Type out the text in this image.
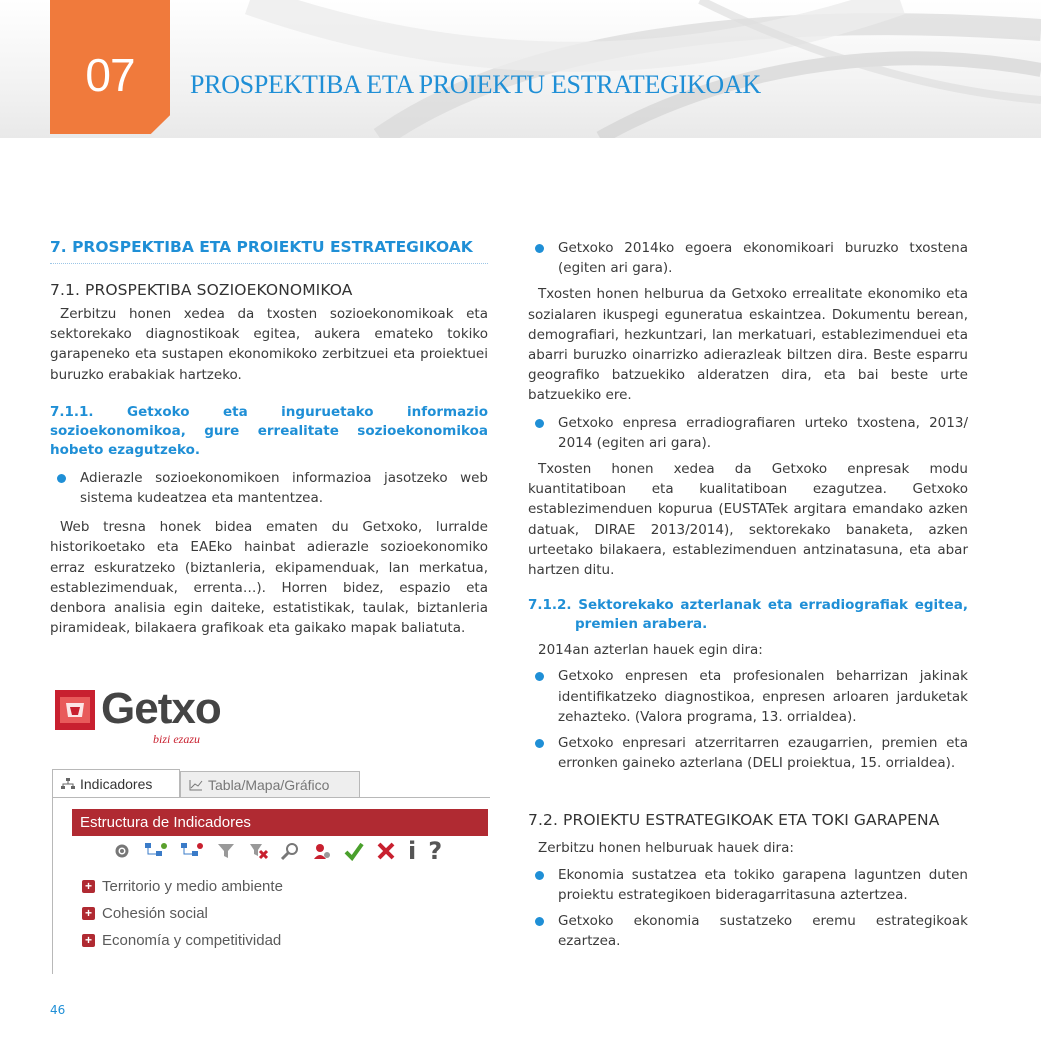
07	PROSPEKTIBA ETA PROIEKTU ESTRATEGIKOAK
7. PROSPEKTIBA ETA PROIEKTU ESTRATEGIKOAK
7.1. PROSPEKTIBA SOZIOEKONOMIKOA

Zerbitzu honen xedea da txosten sozioekonomikoak eta sektorekako diagnostikoak egitea, aukera emateko tokiko garapeneko eta sustapen ekonomikoko zerbitzuei eta proiektuei buruzko erabakiak hartzeko.

7.1.1. Getxoko eta inguruetako informazio sozioekonomikoa, gure errealitate sozioekonomikoa hobeto ezagutzeko.
Adierazle sozioekonomikoen informazioa jasotzeko web sistema kudeatzea eta mantentzea.

Web tresna honek bidea ematen du Getxoko, lurralde historikoetako eta EAEko hainbat adierazle sozioekonomiko erraz eskuratzeko (biztanleria, ekipamenduak, lan merkatua, establezimenduak, errenta…). Horren bidez, espazio eta denbora analisia egin daiteke, estatistikak, taulak, biztanleria piramideak, bilakaera grafikoak eta gaikako mapak baliatuta.

Getxo
bizi ezazu
Indicadores	Tabla/Mapa/Gráfico
Estructura de Indicadores
i ?
+ Territorio y medio ambiente
+ Cohesión social
+ Economía y competitividad
Getxoko 2014ko egoera ekonomikoari buruzko txostena (egiten ari gara).

Txosten honen helburua da Getxoko errealitate ekonomiko eta sozialaren ikuspegi eguneratua eskaintzea. Dokumentu berean, demografiari, hezkuntzari, lan merkatuari, establezimenduei eta abarri buruzko oinarrizko adierazleak biltzen dira. Beste esparru geografiko batzuekiko alderatzen dira, eta bai beste urte batzuekiko ere.

Getxoko enpresa erradiografiaren urteko txostena, 2013/ 2014 (egiten ari gara).

Txosten honen xedea da Getxoko enpresak modu kuantitatiboan eta kualitatiboan ezagutzea. Getxoko establezimenduen kopurua (EUSTATek argitara emandako azken datuak, DIRAE 2013/2014), sektorekako banaketa, azken urteetako bilakaera, establezimenduen antzinatasuna, eta abar hartzen ditu.

7.1.2. Sektorekako azterlanak eta erradiografiak egitea, premien arabera.

2014an azterlan hauek egin dira:

Getxoko enpresen eta profesionalen beharrizan jakinak identifikatzeko diagnostikoa, enpresen arloaren jarduketak zehazteko. (Valora programa, 13. orrialdea).
Getxoko enpresari atzerritarren ezaugarrien, premien eta erronken gaineko azterlana (DELI proiektua, 15. orrialdea).
7.2. PROIEKTU ESTRATEGIKOAK ETA TOKI GARAPENA

Zerbitzu honen helburuak hauek dira:

Ekonomia sustatzea eta tokiko garapena laguntzen duten proiektu estrategikoen bideragarritasuna aztertzea.
Getxoko ekonomia sustatzeko eremu estrategikoak ezartzea.
46
